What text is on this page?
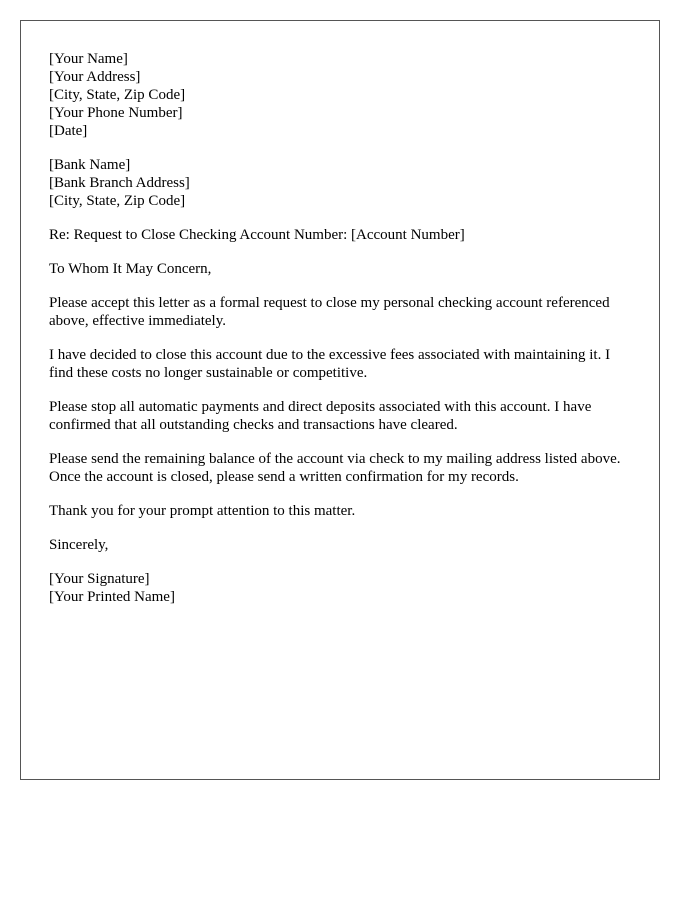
[Your Name]
[Your Address]
[City, State, Zip Code]
[Your Phone Number]
[Date]
[Bank Name]
[Bank Branch Address]
[City, State, Zip Code]

Re: Request to Close Checking Account Number: [Account Number]

To Whom It May Concern,

Please accept this letter as a formal request to close my personal checking account referenced above, effective immediately.

I have decided to close this account due to the excessive fees associated with maintaining it. I find these costs no longer sustainable or competitive.

Please stop all automatic payments and direct deposits associated with this account. I have confirmed that all outstanding checks and transactions have cleared.

Please send the remaining balance of the account via check to my mailing address listed above. Once the account is closed, please send a written confirmation for my records.

Thank you for your prompt attention to this matter.

Sincerely,

[Your Signature]
[Your Printed Name]
